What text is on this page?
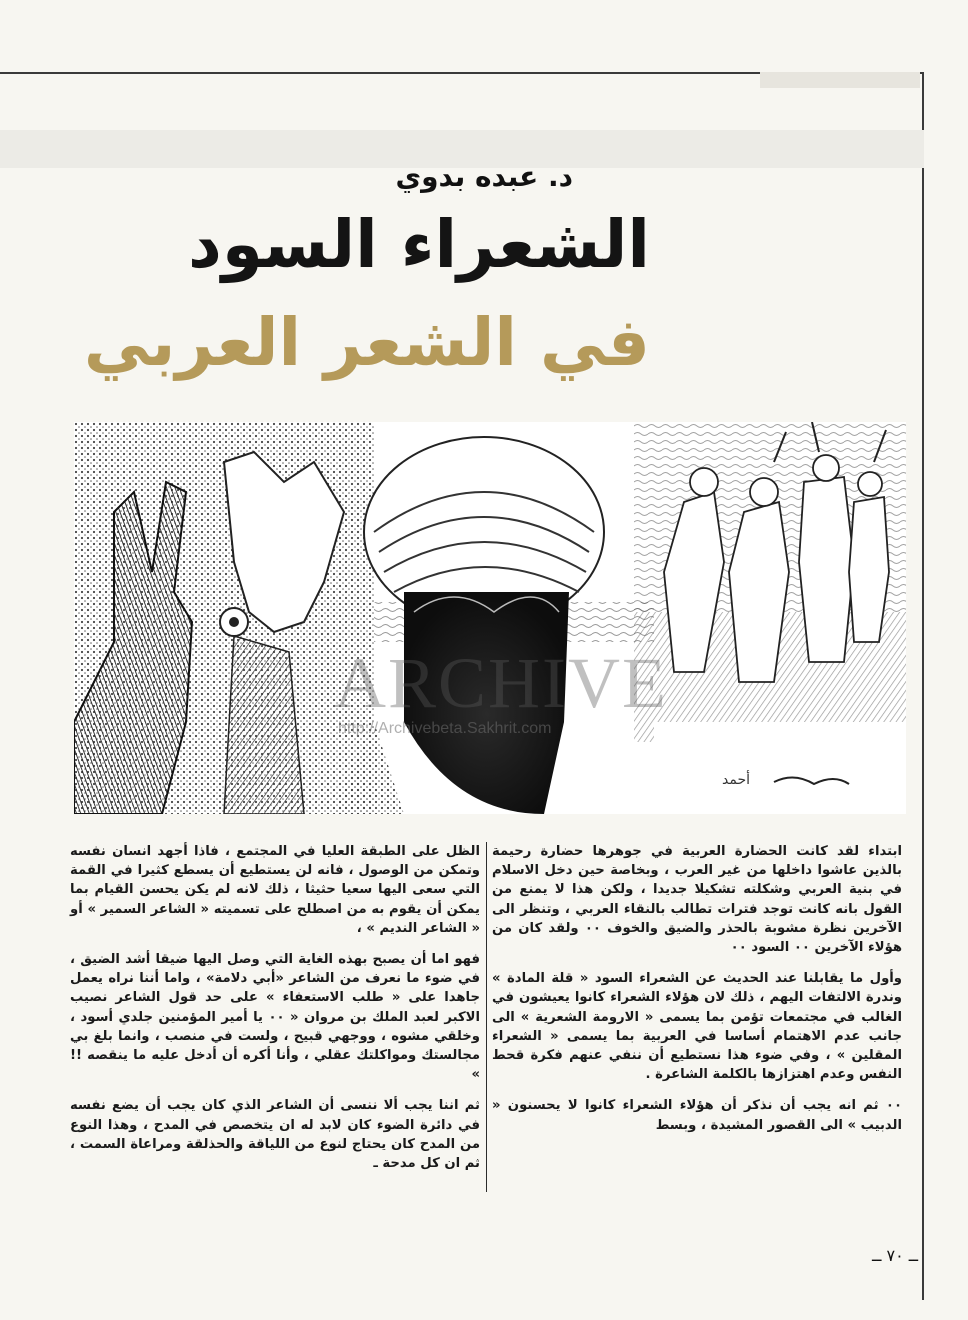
د. عبده بدوي
الشعراء السود
في الشعر العربي
أحمد
ARCHIVE
http://Archivebeta.Sakhrit.com

ابتداء لقد كانت الحضارة العربية في جوهرها حضارة رحيمة بالذين عاشوا داخلها من غير العرب ، وبخاصة حين دخل الاسلام في بنية العربي وشكلته تشكيلا جديدا ، ولكن هذا لا يمنع من القول بانه كانت توجد فترات تطالب بالنقاء العربي ، وتنظر الى الآخرين نظرة مشوبة بالحذر والضيق والخوف ٠٠ ولقد كان من هؤلاء الآخرين ٠٠ السود ٠٠

وأول ما يقابلنا عند الحديث عن الشعراء السود « قلة المادة » وندرة الالتفات اليهم ، ذلك لان هؤلاء الشعراء كانوا يعيشون في الغالب في مجتمعات تؤمن بما يسمى « الارومة الشعرية » الى جانب عدم الاهتمام أساسا في العربية بما يسمى « الشعراء المقلين » ، وفي ضوء هذا نستطيع أن ننفي عنهم فكرة قحط النفس وعدم اهتزازها بالكلمة الشاعرة .

٠٠ ثم انه يجب أن نذكر أن هؤلاء الشعراء كانوا لا يحسنون « الدبيب » الى القصور المشيدة ، وبسط

الظل على الطبقة العليا في المجتمع ، فاذا أجهد انسان نفسه وتمكن من الوصول ، فانه لن يستطيع أن يسطع كثيرا في القمة التي سعى اليها سعيا حثيثا ، ذلك لانه لم يكن يحسن القيام بما يمكن أن يقوم به من اصطلح على تسميته « الشاعر السمير » أو « الشاعر النديم » ،

فهو اما أن يصبح بهذه الغاية التي وصل اليها ضيقا أشد الضيق ، في ضوء ما نعرف من الشاعر «أبي دلامة» ، واما أننا نراه يعمل جاهدا على « طلب الاستعفاء » على حد قول الشاعر نصيب الاكبر لعبد الملك بن مروان « ٠٠ يا أمير المؤمنين جلدي أسود ، وخلقي مشوه ، ووجهي قبيح ، ولست في منصب ، وانما بلغ بي مجالستك ومواكلتك عقلي ، وأنا أكره أن أدخل عليه ما ينقصه !! »

ثم اننا يجب ألا ننسى أن الشاعر الذي كان يجب أن يضع نفسه في دائرة الضوء كان لابد له ان يتخصص في المدح ، وهذا النوع من المدح كان يحتاج لنوع من اللياقة والحذلقة ومراعاة السمت ، ثم ان كل مدحة ـ

ــ ٧٠ ــ
